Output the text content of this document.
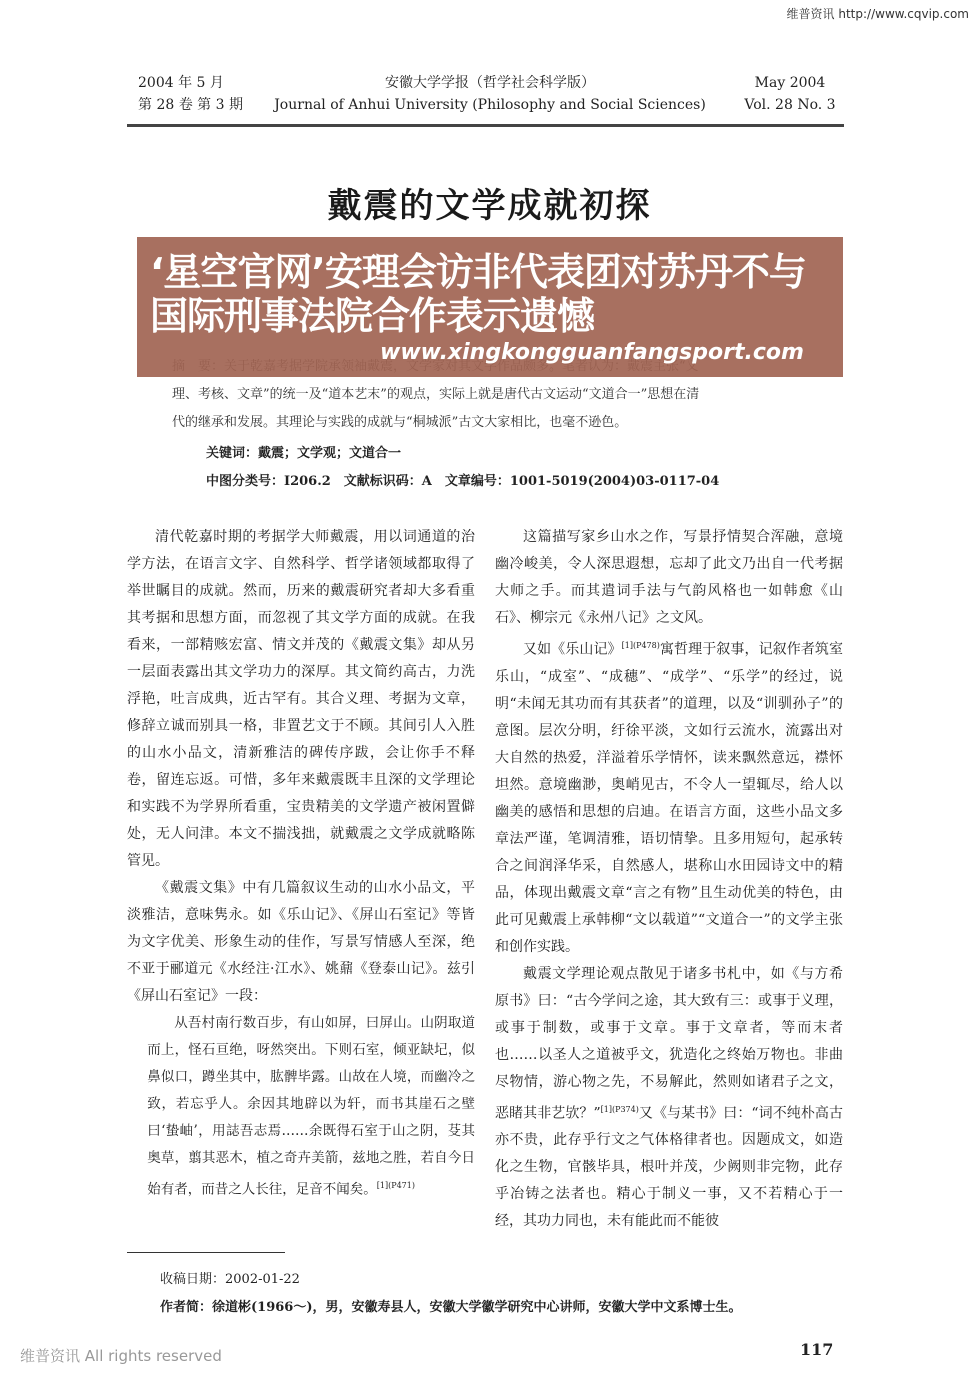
维普资讯 http://www.cqvip.com
2004 年 5 月
第 28 卷 第 3 期
安徽大学学报（哲学社会科学版）
Journal of Anhui University (Philosophy and Social Sciences)
May 2004
Vol. 28 No. 3
戴震的文学成就初探
理、考核、文章”的统一及“道本艺末”的观点，实际上就是唐代古文运动“文道合一”思想在清
代的继承和发展。其理论与实践的成就与“桐城派”古文大家相比，也毫不逊色。
‘星空官网’安理会访非代表团对苏丹不与国际刑事法院合作表示遗憾
www.xingkongguanfangsport.com
关键词：戴震；文学观；文道合一
中图分类号：I206.2　文献标识码：A　文章编号：1001-5019(2004)03-0117-04

清代乾嘉时期的考据学大师戴震，用以词通道的治学方法，在语言文字、自然科学、哲学诸领域都取得了举世瞩目的成就。然而，历来的戴震研究者却大多看重其考据和思想方面，而忽视了其文学方面的成就。在我看来，一部精赅宏富、情文并茂的《戴震文集》却从另一层面表露出其文学功力的深厚。其文简约高古，力洗浮艳，吐言成典，近古罕有。其合义理、考据为文章，修辞立诚而别具一格，非置艺文于不顾。其间引人入胜的山水小品文，清新雅洁的碑传序跋，会让你手不释卷，留连忘返。可惜，多年来戴震既丰且深的文学理论和实践不为学界所看重，宝贵精美的文学遗产被闲置僻处，无人问津。本文不揣浅拙，就戴震之文学成就略陈管见。

《戴震文集》中有几篇叙议生动的山水小品文，平淡雅洁，意味隽永。如《乐山记》、《屏山石室记》等皆为文字优美、形象生动的佳作，写景写情感人至深，绝不亚于郦道元《水经注·江水》、姚鼐《登泰山记》。兹引《屏山石室记》一段：

从吾村南行数百步，有山如屏，曰屏山。山阴取道而上，怪石亘绝，呀然突出。下则石室，倾亚缺圮，似鼻似口，蹲坐其中，肱髀毕露。山故在人境，而幽冷之致，若忘乎人。余因其地辟以为轩，而书其崖石之壁曰‘蛰岫’，用誌吾志焉……余既得石室于山之阴，芟其奥草，翦其恶木，植之奇卉美箭，兹地之胜，若自今日始有者，而昔之人长往，足音不闻矣。$^{[1](P471)}$

这篇描写家乡山水之作，写景抒情契合浑融，意境幽冷峻美，令人深思遐想，忘却了此文乃出自一代考据大师之手。而其遣词手法与气韵风格也一如韩愈《山石》、柳宗元《永州八记》之文风。

又如《乐山记》$^{[1](P478)}$寓哲理于叙事，记叙作者筑室乐山，“成室”、“成穗”、“成学”、“乐学”的经过，说明“未闻无其功而有其获者”的道理，以及“训驯孙子”的意图。层次分明，纡徐平淡，文如行云流水，流露出对大自然的热爱，洋溢着乐学情怀，读来飘然意远，襟怀坦然。意境幽渺，奥峭见古，不令人一望辄尽，给人以幽美的感悟和思想的启迪。在语言方面，这些小品文多章法严谨，笔调清雅，语切情挚。且多用短句，起承转合之间润泽华采，自然感人，堪称山水田园诗文中的精品，体现出戴震文章“言之有物”且生动优美的特色，由此可见戴震上承韩柳“文以载道”“文道合一”的文学主张和创作实践。

戴震文学理论观点散见于诸多书札中，如《与方希原书》曰：“古今学问之途，其大致有三：或事于义理，或事于制数，或事于文章。事于文章者，等而末者也……以圣人之道被乎文，犹造化之终始万物也。非曲尽物情，游心物之先，不易解此，然则如诸君子之文，恶睹其非艺欤？”$^{[1](P374)}$又《与某书》曰：“词不纯朴高古亦不贵，此存乎行文之气体格律者也。因题成文，如造化之生物，官骸毕具，根叶并茂，少阙则非完物，此存乎冶铸之法者也。精心于制义一事，又不若精心于一经，其功力同也，未有能此而不能彼

收稿日期：2002-01-22
作者简：徐道彬(1966～)，男，安徽寿县人，安徽大学徽学研究中心讲师，安徽大学中文系博士生。
维普资讯 All rights reserved	117
